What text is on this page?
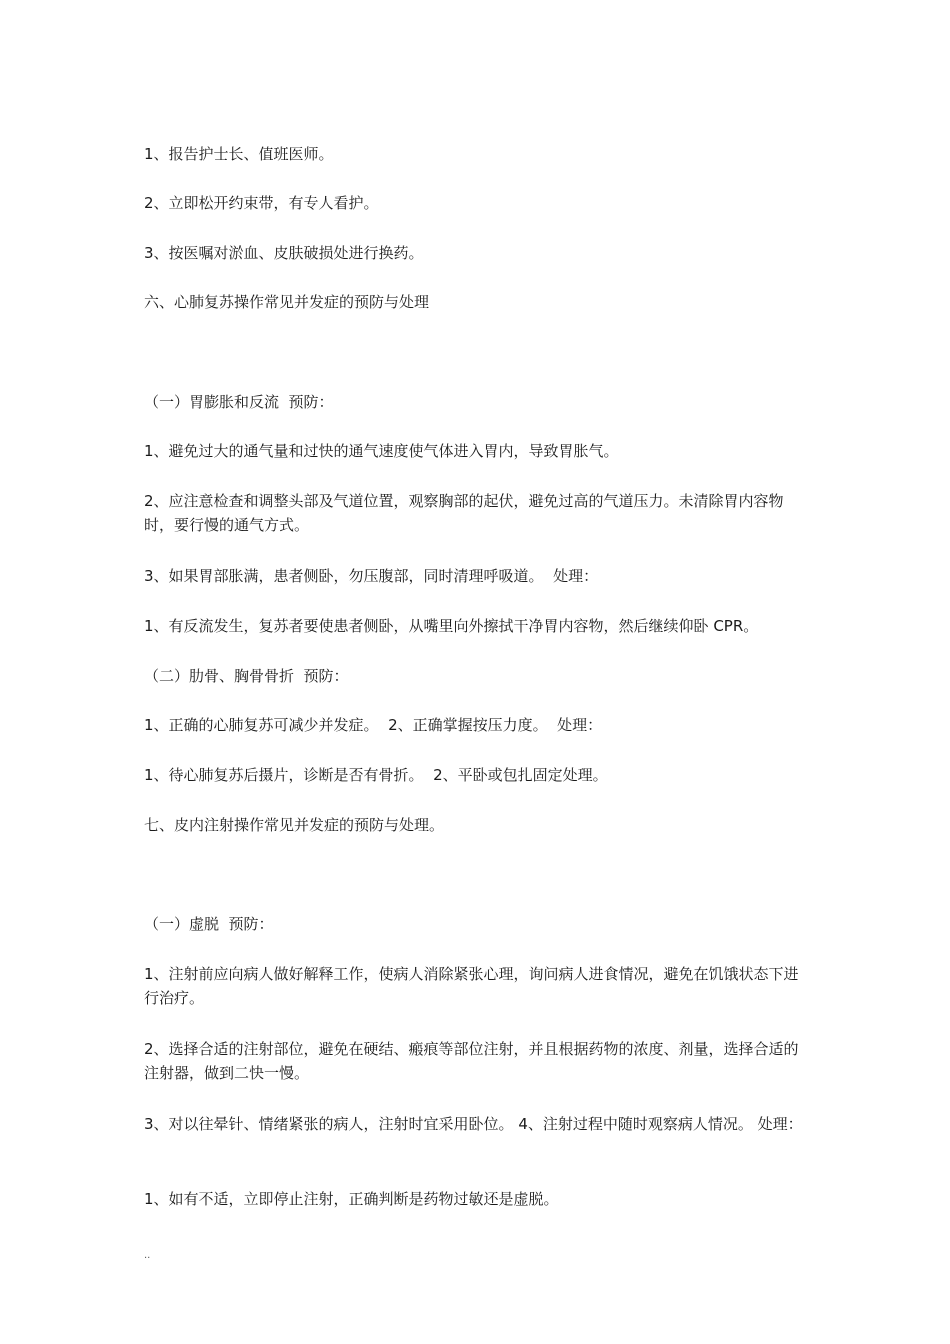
1、报告护士长、值班医师。

2、立即松开约束带，有专人看护。

3、按医嘱对淤血、皮肤破损处进行换药。

六、心肺复苏操作常见并发症的预防与处理

（一）胃膨胀和反流  预防：

1、避免过大的通气量和过快的通气速度使气体进入胃内，导致胃胀气。

2、应注意检查和调整头部及气道位置，观察胸部的起伏，避免过高的气道压力。未清除胃内容物时，要行慢的通气方式。

3、如果胃部胀满，患者侧卧，勿压腹部，同时清理呼吸道。  处理：

1、有反流发生，复苏者要使患者侧卧，从嘴里向外擦拭干净胃内容物，然后继续仰卧 CPR。

（二）肋骨、胸骨骨折  预防：

1、正确的心肺复苏可减少并发症。  2、正确掌握按压力度。  处理：

1、待心肺复苏后摄片，诊断是否有骨折。  2、平卧或包扎固定处理。

七、皮内注射操作常见并发症的预防与处理。

（一）虚脱  预防：

1、注射前应向病人做好解释工作，使病人消除紧张心理，询问病人进食情况，避免在饥饿状态下进行治疗。

2、选择合适的注射部位，避免在硬结、瘢痕等部位注射，并且根据药物的浓度、剂量，选择合适的注射器，做到二快一慢。

3、对以往晕针、情绪紧张的病人，注射时宜采用卧位。 4、注射过程中随时观察病人情况。 处理：

1、如有不适，立即停止注射，正确判断是药物过敏还是虚脱。

..
